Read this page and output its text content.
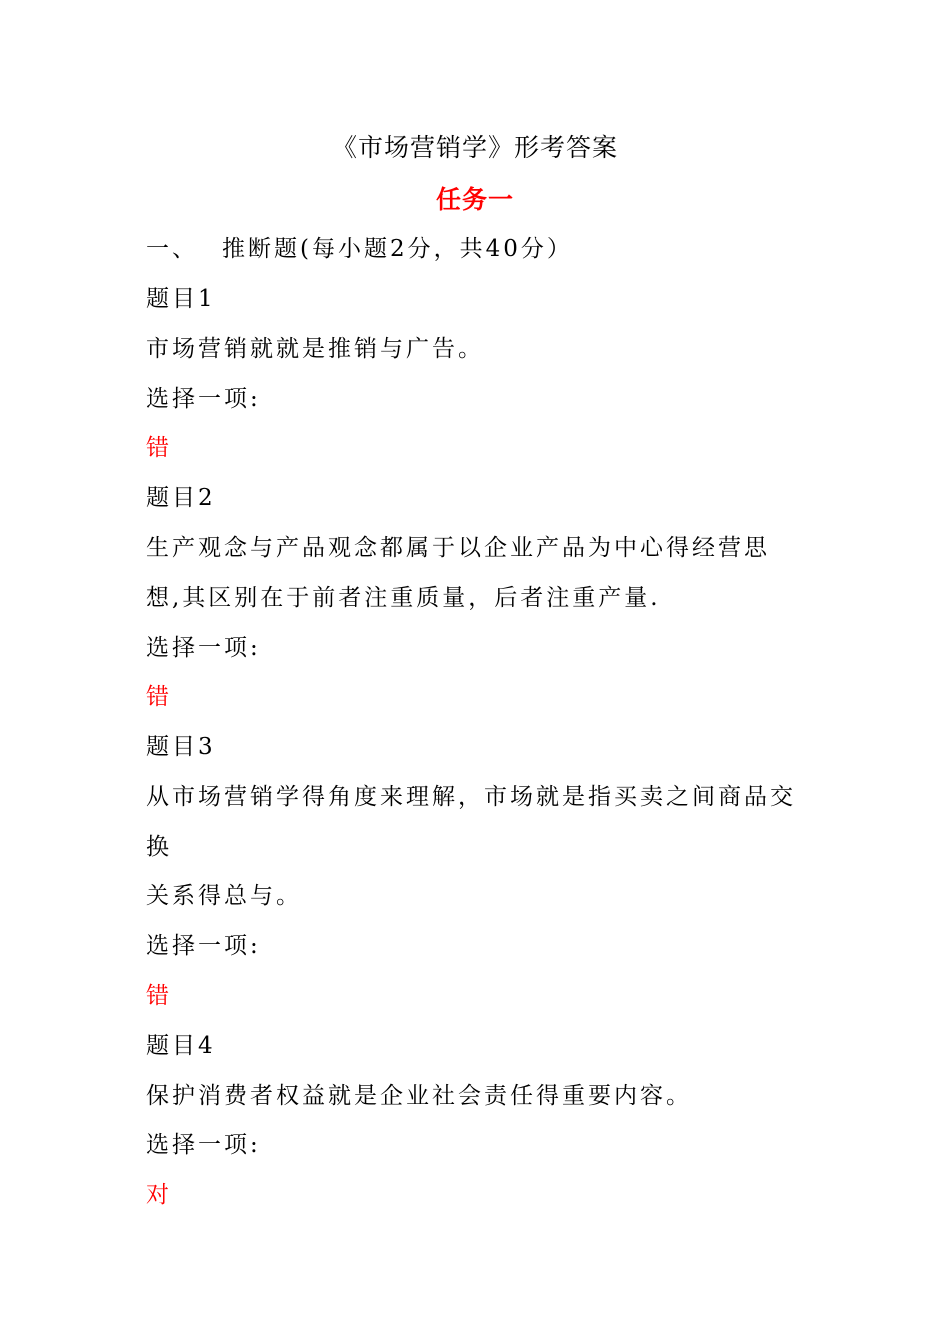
《市场营销学》形考答案
任务一
一、 推断题(每小题2分，共40分）
题目1
市场营销就就是推销与广告。
选择一项:
错
题目2
生产观念与产品观念都属于以企业产品为中心得经营思
想,其区别在于前者注重质量，后者注重产量.
选择一项:
错
题目3
从市场营销学得角度来理解，市场就是指买卖之间商品交
换
关系得总与。
选择一项:
错
题目4
保护消费者权益就是企业社会责任得重要内容。
选择一项:
对
